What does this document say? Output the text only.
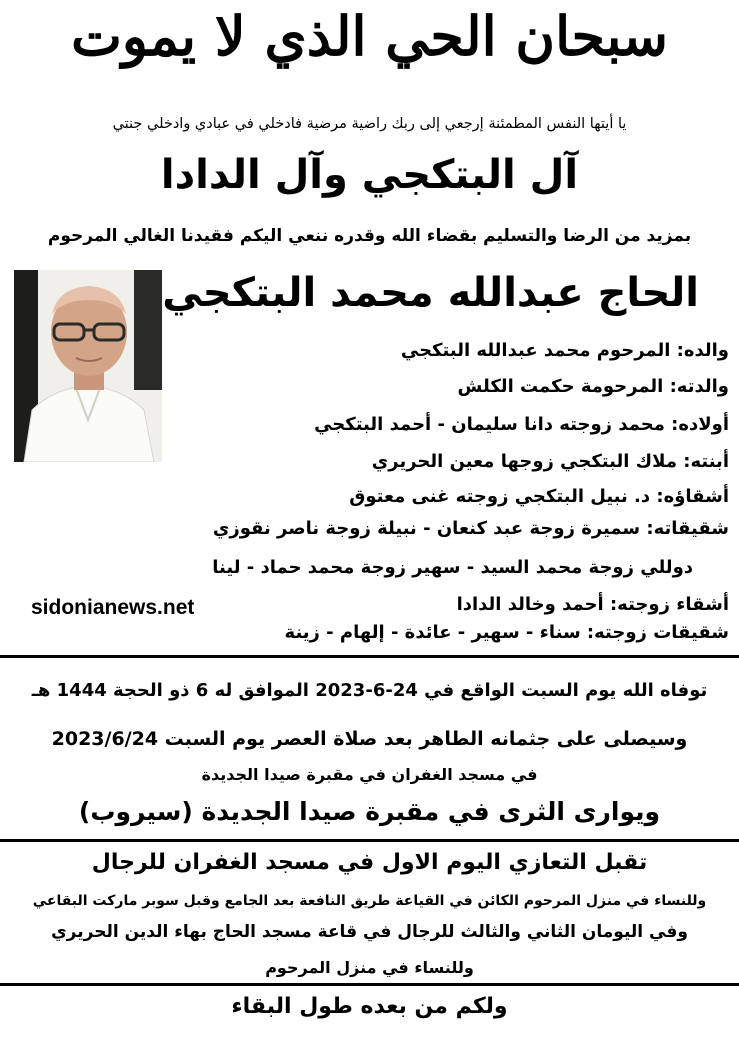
سبحان الحي الذي لا يموت
يا أيتها النفس المطمئنة إرجعي إلى ربك راضية مرضية فادخلي في عبادي وادخلي جنتي
آل البتكجي وآل الدادا
بمزيد من الرضا والتسليم بقضاء الله وقدره ننعي اليكم فقيدنا الغالي المرحوم
الحاج عبدالله محمد البتكجي
والده: المرحوم محمد عبدالله البتكجي
والدته: المرحومة حكمت الكلش
أولاده: محمد زوجته دانا سليمان - أحمد البتكجي
أبنته: ملاك البتكجي زوجها معين الحريري
أشقاؤه: د. نبيل البتكجي زوجته غنى معتوق
شقيقاته: سميرة زوجة عبد كنعان - نبيلة زوجة ناصر نقوزي
دوللي زوجة محمد السيد - سهير زوجة محمد حماد - لينا
أشقاء زوجته: أحمد وخالد الدادا
شقيقات زوجته: سناء - سهير - عائدة - إلهام - زينة
sidonianews.net
توفاه الله يوم السبت الواقع في 24-6-2023 الموافق له 6 ذو الحجة 1444 هـ
وسيصلى على جثمانه الطاهر بعد صلاة العصر يوم السبت 2023/6/24
في مسجد الغفران في مقبرة صيدا الجديدة
ويوارى الثرى في مقبرة صيدا الجديدة (سيروب)
تقبل التعازي اليوم الاول في مسجد الغفران للرجال
وللنساء في منزل المرحوم الكائن في القياعة طريق النافعة بعد الجامع وقبل سوبر ماركت البقاعي
وفي اليومان الثاني والثالث للرجال في قاعة مسجد الحاج بهاء الدين الحريري
وللنساء في منزل المرحوم
ولكم من بعده طول البقاء
